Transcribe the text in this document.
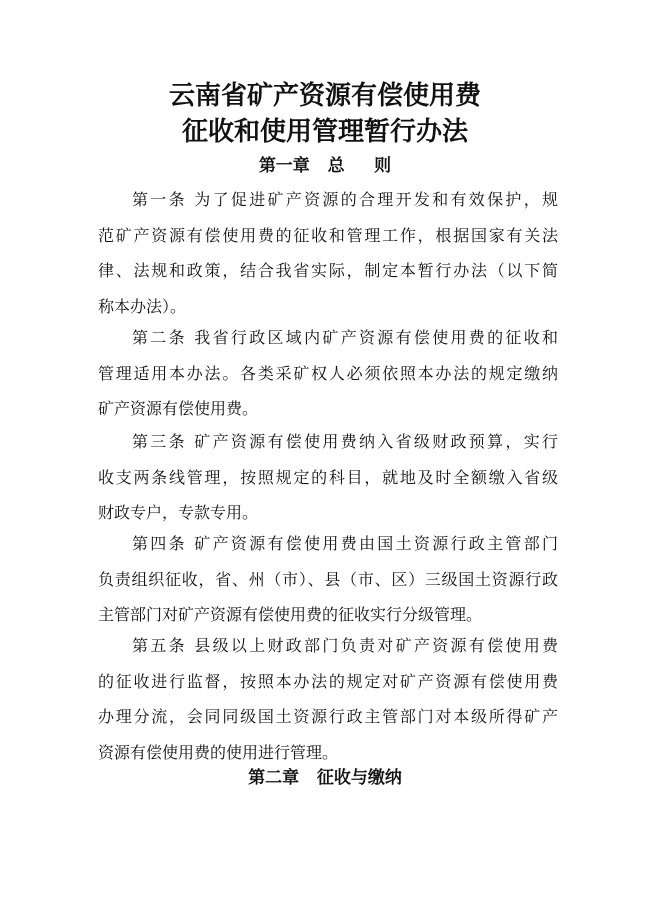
云南省矿产资源有偿使用费
征收和使用管理暂行办法
第一章   总     则
第一条 为了促进矿产资源的合理开发和有效保护，规
范矿产资源有偿使用费的征收和管理工作，根据国家有关法
律、法规和政策，结合我省实际，制定本暂行办法（以下简
称本办法）。
第二条 我省行政区域内矿产资源有偿使用费的征收和
管理适用本办法。各类采矿权人必须依照本办法的规定缴纳
矿产资源有偿使用费。
第三条 矿产资源有偿使用费纳入省级财政预算，实行
收支两条线管理，按照规定的科目，就地及时全额缴入省级
财政专户，专款专用。
第四条 矿产资源有偿使用费由国土资源行政主管部门
负责组织征收，省、州（市）、县（市、区）三级国土资源行政
主管部门对矿产资源有偿使用费的征收实行分级管理。
第五条 县级以上财政部门负责对矿产资源有偿使用费
的征收进行监督，按照本办法的规定对矿产资源有偿使用费
办理分流，会同同级国土资源行政主管部门对本级所得矿产
资源有偿使用费的使用进行管理。
第二章   征收与缴纳
